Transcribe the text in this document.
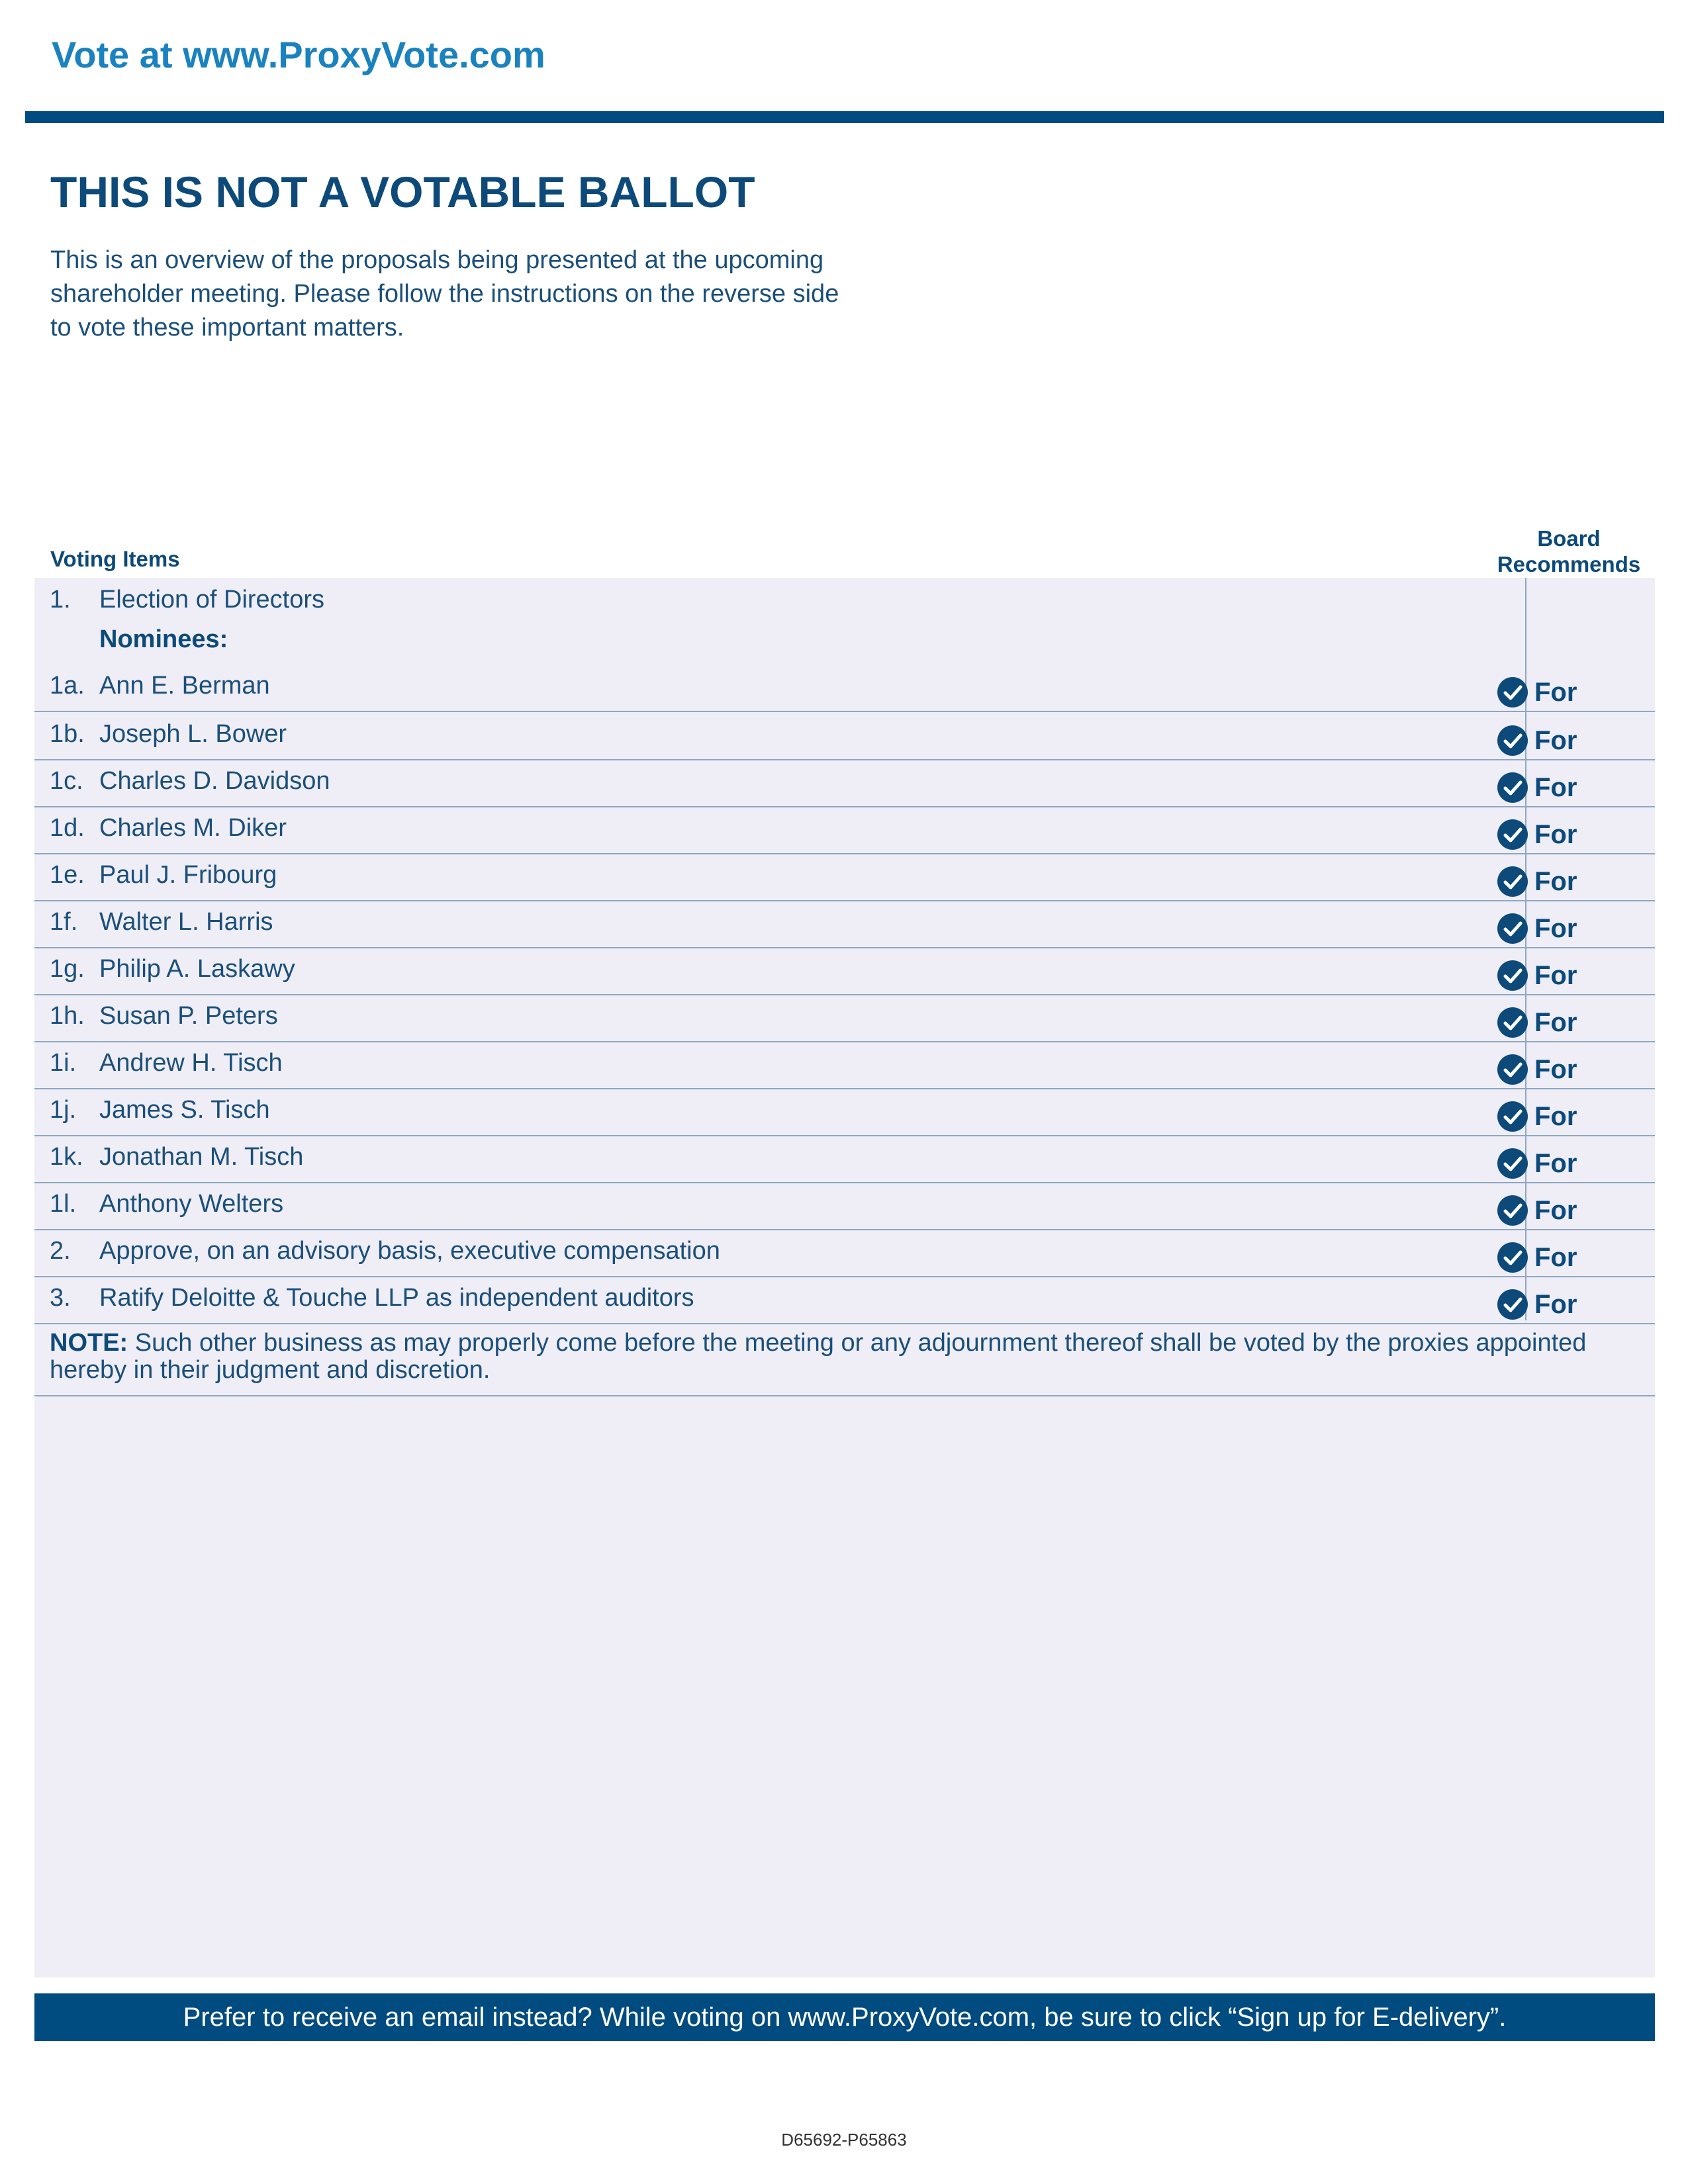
Vote at www.ProxyVote.com
THIS IS NOT A VOTABLE BALLOT
This is an overview of the proposals being presented at the upcoming shareholder meeting. Please follow the instructions on the reverse side to vote these important matters.
Voting Items
Board Recommends
1. Election of Directors
Nominees:
1a. Ann E. Berman	For
1b. Joseph L. Bower	For
1c. Charles D. Davidson	For
1d. Charles M. Diker	For
1e. Paul J. Fribourg	For
1f. Walter L. Harris	For
1g. Philip A. Laskawy	For
1h. Susan P. Peters	For
1i. Andrew H. Tisch	For
1j. James S. Tisch	For
1k. Jonathan M. Tisch	For
1l. Anthony Welters	For
2. Approve, on an advisory basis, executive compensation	For
3. Ratify Deloitte & Touche LLP as independent auditors	For
NOTE: Such other business as may properly come before the meeting or any adjournment thereof shall be voted by the proxies appointed hereby in their judgment and discretion.
Prefer to receive an email instead? While voting on www.ProxyVote.com, be sure to click “Sign up for E-delivery”.
D65692-P65863
